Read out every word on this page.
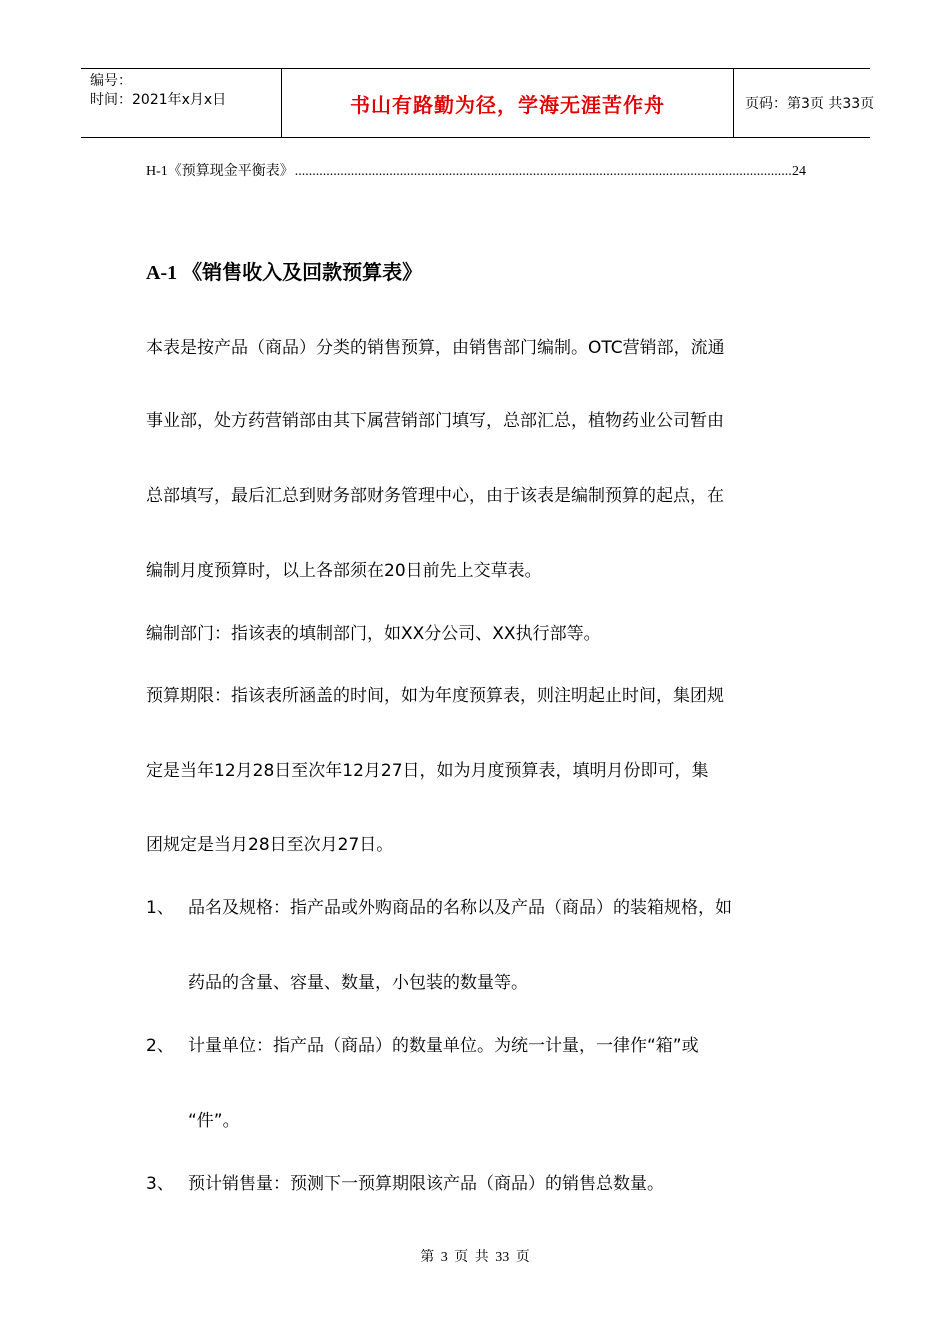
编号：
时间：2021年x月x日	书山有路勤为径，学海无涯苦作舟	页码：第3页 共33页
H-1《预算现金平衡表》
.....	24
A-1 《销售收入及回款预算表》
本表是按产品（商品）分类的销售预算，由销售部门编制。OTC营销部，流通
事业部，处方药营销部由其下属营销部门填写，总部汇总，植物药业公司暂由
总部填写，最后汇总到财务部财务管理中心，由于该表是编制预算的起点，在
编制月度预算时，以上各部须在20日前先上交草表。
编制部门：指该表的填制部门，如XX分公司、XX执行部等。
预算期限：指该表所涵盖的时间，如为年度预算表，则注明起止时间，集团规
定是当年12月28日至次年12月27日，如为月度预算表，填明月份即可，集
团规定是当月28日至次月27日。
1、 品名及规格：指产品或外购商品的名称以及产品（商品）的装箱规格，如
药品的含量、容量、数量，小包装的数量等。
2、 计量单位：指产品（商品）的数量单位。为统一计量，一律作“箱”或
“件”。
3、 预计销售量：预测下一预算期限该产品（商品）的销售总数量。
第 3 页 共 33 页
